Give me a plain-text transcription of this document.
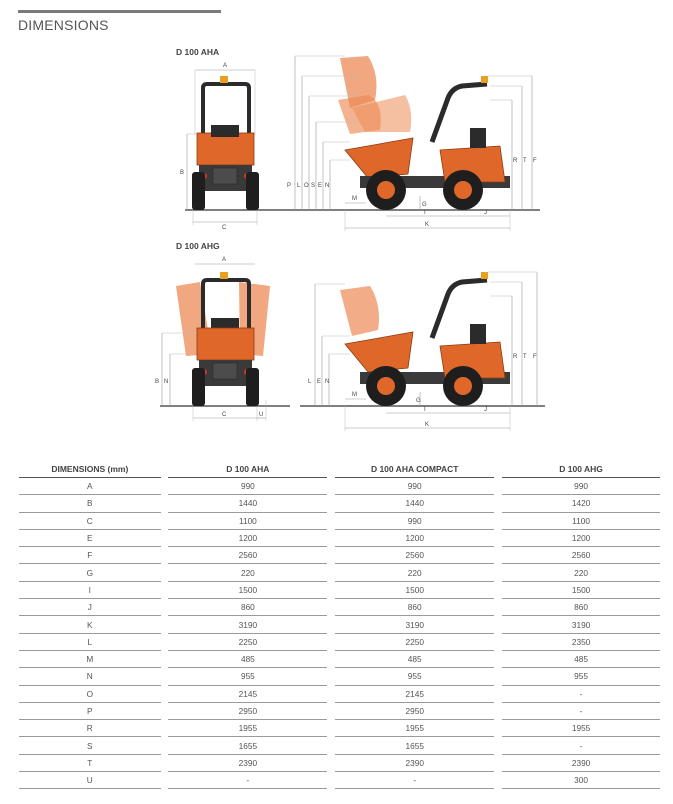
DIMENSIONS
D 100 AHA
D 100 AHG
A
B
C
P L O S E N
R T F
M
G
I	J
K
A
B N
C	U
L E N
R T F
M
G
I	J
K
DIMENSIONS (mm)		D 100 AHA		D 100 AHA COMPACT		D 100 AHG
A		990		990		990
B		1440		1440		1420
C		1100		990		1100
E		1200		1200		1200
F		2560		2560		2560
G		220		220		220
I		1500		1500		1500
J		860		860		860
K		3190		3190		3190
L		2250		2250		2350
M		485		485		485
N		955		955		955
O		2145		2145		-
P		2950		2950		-
R		1955		1955		1955
S		1655		1655		-
T		2390		2390		2390
U		-		-		300
